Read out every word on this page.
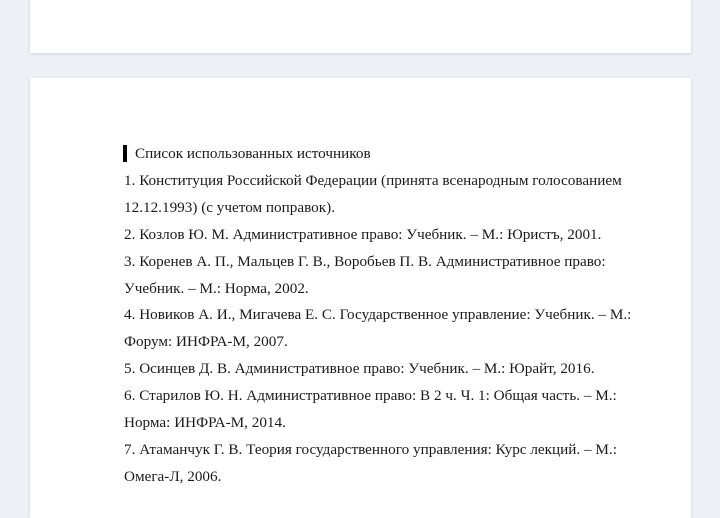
Список использованных источников

1. Конституция Российской Федерации (принята всенародным голосованием 12.12.1993) (с учетом поправок).

2. Козлов Ю. М. Административное право: Учебник. – М.: Юристъ, 2001.

3. Коренев А. П., Мальцев Г. В., Воробьев П. В. Административное право: Учебник. – М.: Норма, 2002.

4. Новиков А. И., Мигачева Е. С. Государственное управление: Учебник. – М.: Форум: ИНФРА-М, 2007.

5. Осинцев Д. В. Административное право: Учебник. – М.: Юрайт, 2016.

6. Старилов Ю. Н. Административное право: В 2 ч. Ч. 1: Общая часть. – М.: Норма: ИНФРА-М, 2014.

7. Атаманчук Г. В. Теория государственного управления: Курс лекций. – М.: Омега-Л, 2006.
